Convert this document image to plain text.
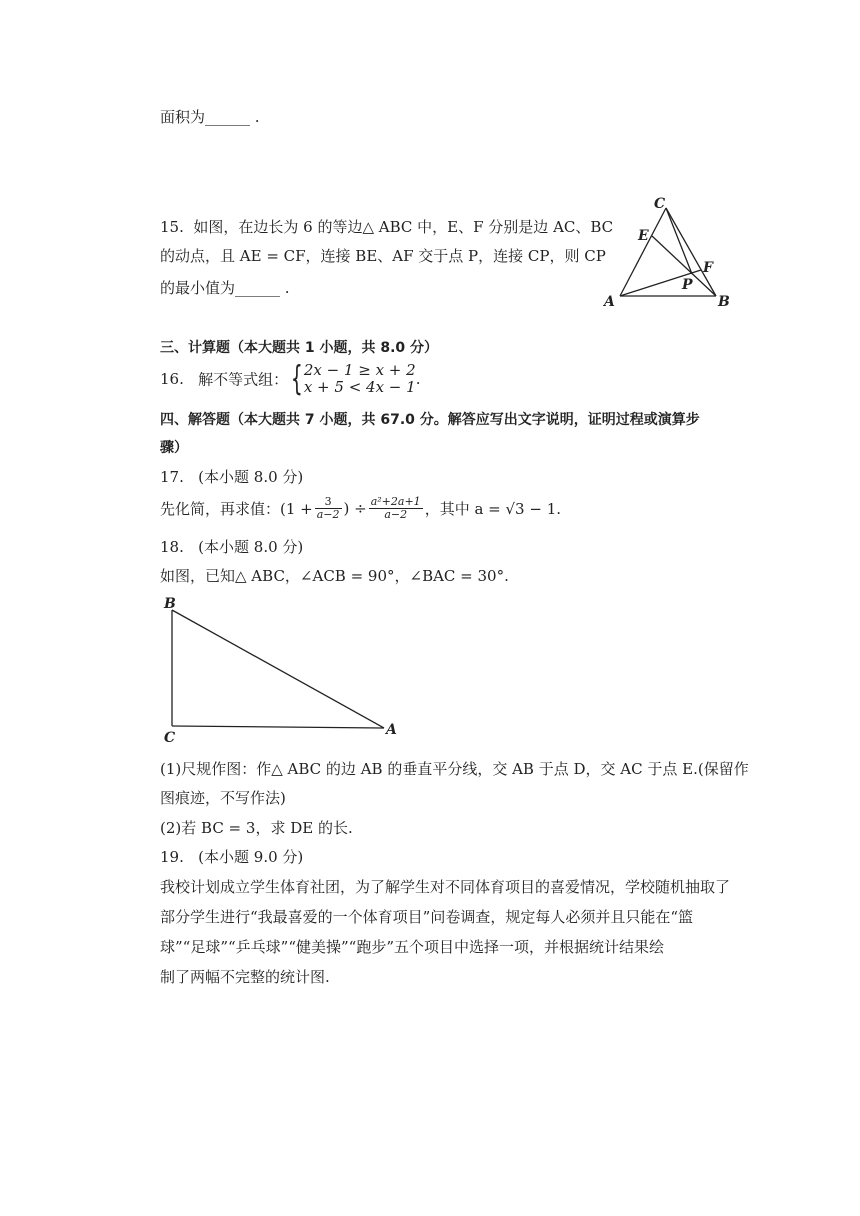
面积为______ .
15. 如图，在边长为 6 的等边△ ABC 中，E、F 分别是边 AC、BC
的动点，且 AE = CF，连接 BE、AF 交于点 P，连接 CP，则 CP
的最小值为______ .
A	B
C
E
F
P
三、计算题（本大题共 1 小题，共 8.0 分）
16. 解不等式组：{ 2x − 1 ≥ x + 2
x + 5 < 4x − 1 .
四、解答题（本大题共 7 小题，共 67.0 分。解答应写出文字说明，证明过程或演算步
骤）
17. (本小题 8.0 分)
先化简，再求值：($1 + \frac{3}{a-2}$ ) ÷ $\frac{\text{a²+2a+1}}{a-2}$ ，其中 a = √3 − 1.
18. (本小题 8.0 分)
如图，已知△ ABC，∠ACB = 90°，∠BAC = 30°.
B
C	A
(1)尺规作图：作△ ABC 的边 AB 的垂直平分线，交 AB 于点 D，交 AC 于点 E.(保留作
图痕迹，不写作法)
(2)若 BC = 3，求 DE 的长.
19. (本小题 9.0 分)
我校计划成立学生体育社团，为了解学生对不同体育项目的喜爱情况，学校随机抽取了
部分学生进行“我最喜爱的一个体育项目”问卷调查，规定每人必须并且只能在“篮
球”“足球”“乒乓球”“健美操”“跑步”五个项目中选择一项，并根据统计结果绘
制了两幅不完整的统计图.
